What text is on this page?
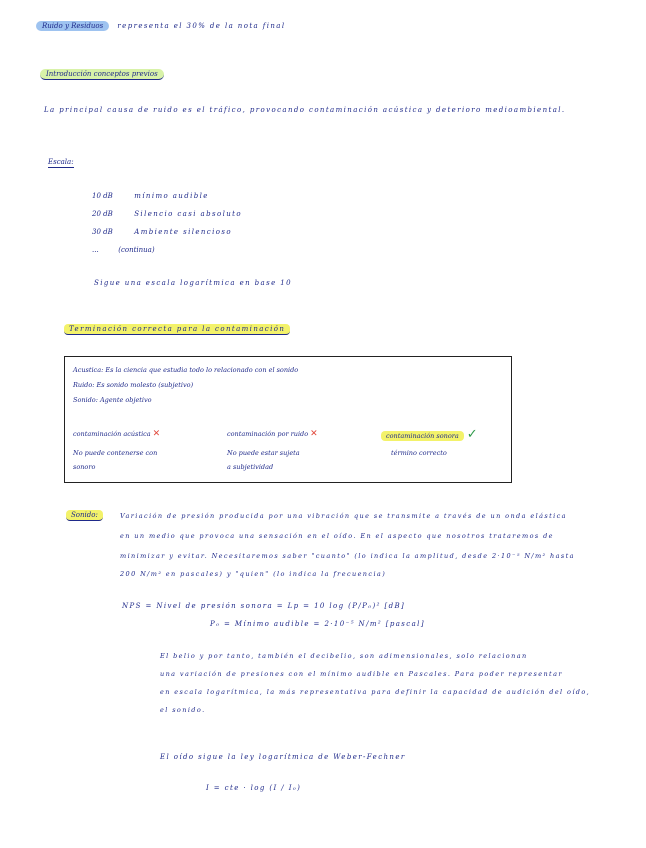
Ruido y Residuos representa el 30% de la nota final
Introducción conceptos previos
La principal causa de ruido es el tráfico, provocando contaminación acústica y deterioro medioambiental.
Escala:
10 dB	mínimo audible
20 dB	Silencio casi absoluto
30 dB	Ambiente silencioso
...	(continua)
Sigue una escala logarítmica en base 10
Terminación correcta para la contaminación
Acustica: Es la ciencia que estudia todo lo relacionado con el sonido
Ruido: Es sonido molesto (subjetivo)
Sonido: Agente objetivo
contaminación acústica ✕	contaminación por ruido ✕	contaminación sonora ✓
No puede contenerse con
sonoro
No puede estar sujeta
a subjetividad
término correcto
Sonido:	Variación de presión producida por una vibración que se transmite a través de un onda elástica
en un medio que provoca una sensación en el oído. En el aspecto que nosotros trataremos de
minimizar y evitar. Necesitaremos saber "cuanto" (lo indica la amplitud, desde 2·10⁻⁵ N/m² hasta
200 N/m² en pascales) y "quien" (lo indica la frecuencia)
NPS = Nivel de presión sonora = Lp = 10 log (P/P₀)² [dB]
P₀ = Mínimo audible = 2·10⁻⁵ N/m² [pascal]
El belio y por tanto, también el decibelio, son adimensionales, solo relacionan
una variación de presiones con el mínimo audible en Pascales. Para poder representar
en escala logarítmica, la más representativa para definir la capacidad de audición del oído,
el sonido.
El oído sigue la ley logarítmica de Weber-Fechner
I = cte · log (I / I₀)
